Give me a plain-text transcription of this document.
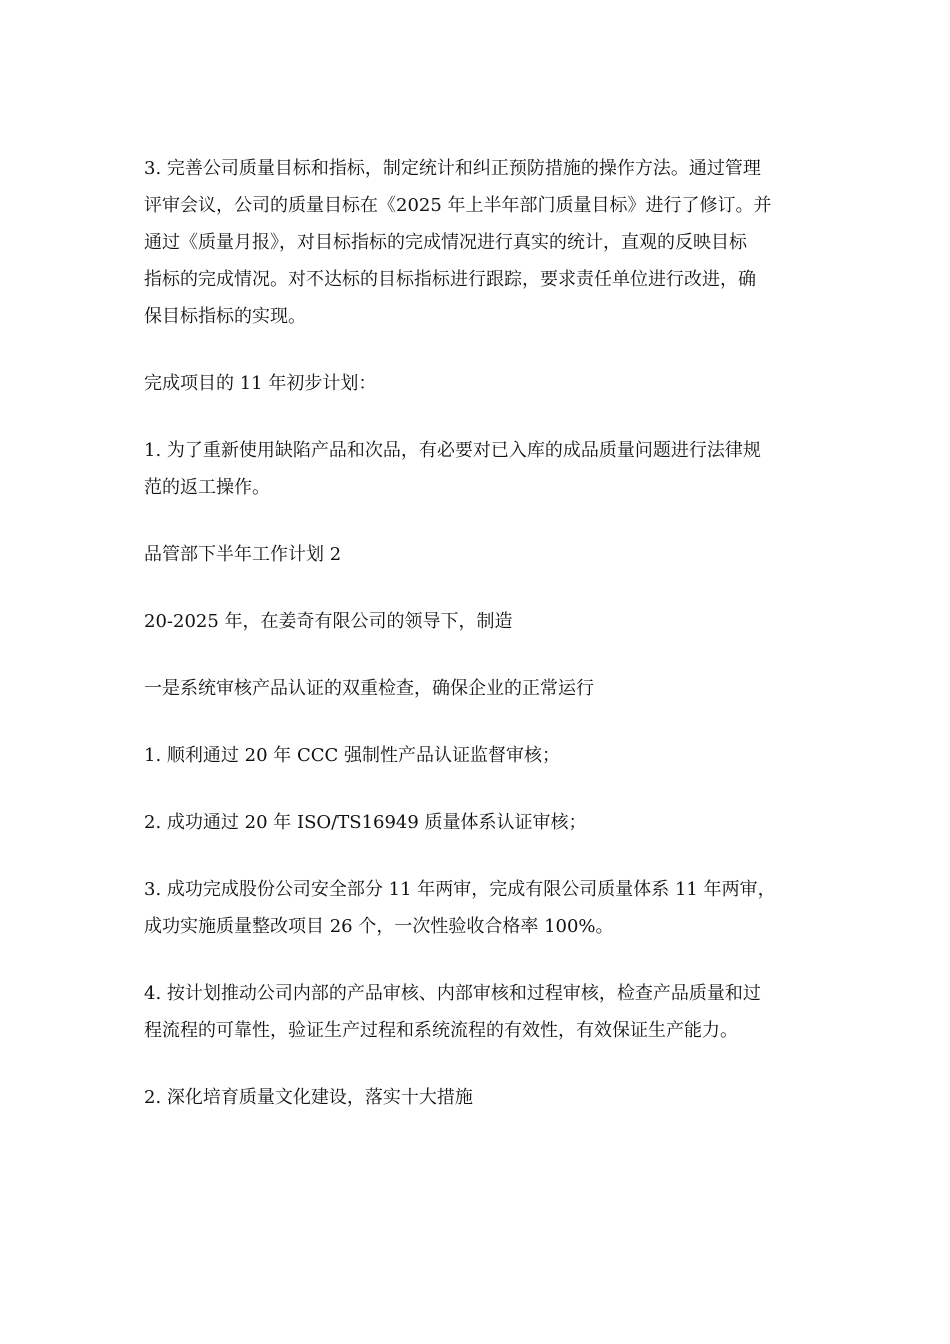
3. 完善公司质量目标和指标，制定统计和纠正预防措施的操作方法。通过管理
评审会议，公司的质量目标在《2025 年上半年部门质量目标》进行了修订。并
通过《质量月报》，对目标指标的完成情况进行真实的统计，直观的反映目标
指标的完成情况。对不达标的目标指标进行跟踪，要求责任单位进行改进，确
保目标指标的实现。

完成项目的 11 年初步计划：

1. 为了重新使用缺陷产品和次品，有必要对已入库的成品质量问题进行法律规
范的返工操作。

品管部下半年工作计划 2

20-2025 年，在姜奇有限公司的领导下，制造

一是系统审核产品认证的双重检查，确保企业的正常运行

1. 顺利通过 20 年 CCC 强制性产品认证监督审核；

2. 成功通过 20 年 ISO/TS16949 质量体系认证审核；

3. 成功完成股份公司安全部分 11 年两审，完成有限公司质量体系 11 年两审，
成功实施质量整改项目 26 个，一次性验收合格率 100%。

4. 按计划推动公司内部的产品审核、内部审核和过程审核，检查产品质量和过
程流程的可靠性，验证生产过程和系统流程的有效性，有效保证生产能力。

2. 深化培育质量文化建设，落实十大措施
